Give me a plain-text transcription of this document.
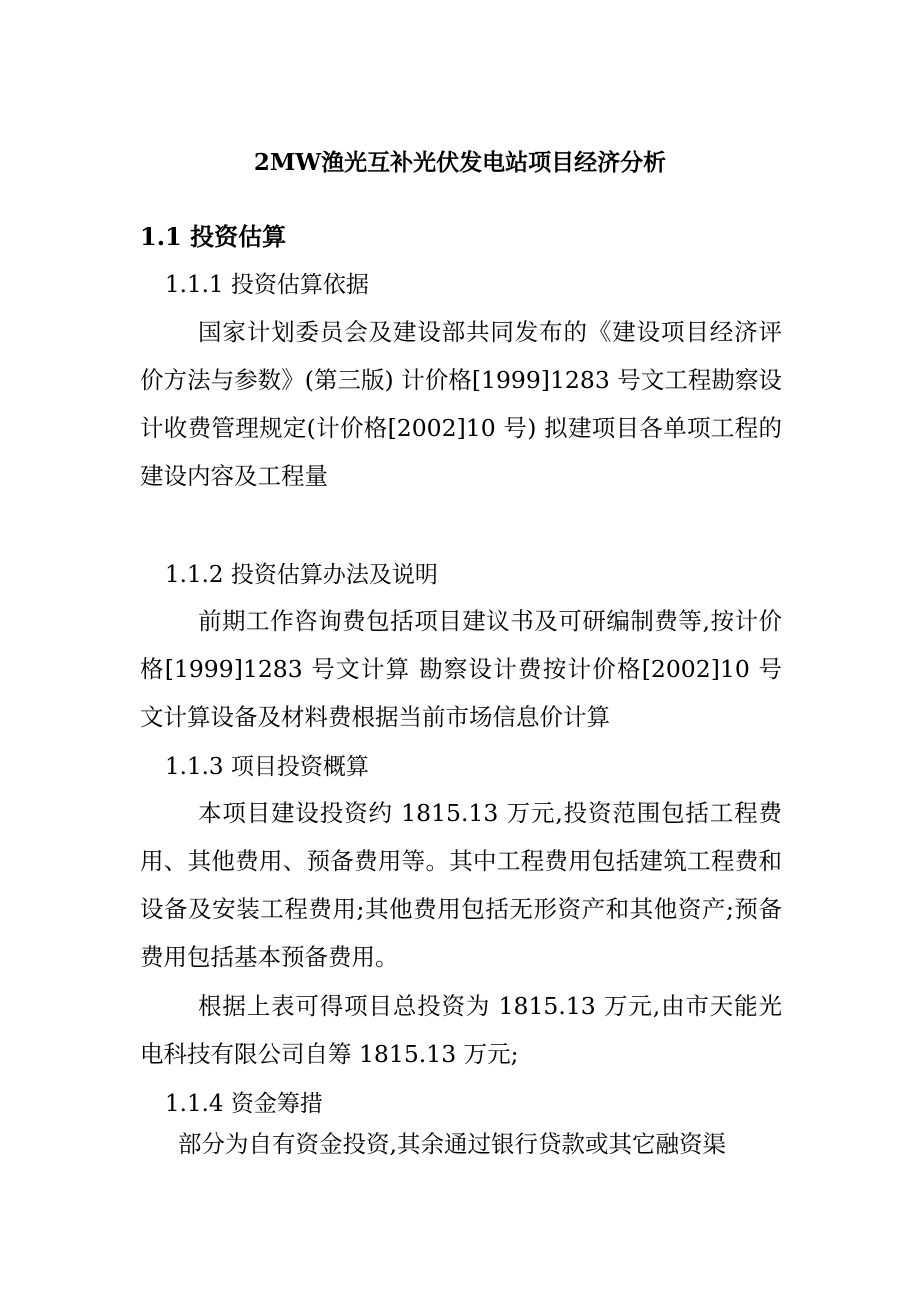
2MW渔光互补光伏发电站项目经济分析
1.1 投资估算
1.1.1 投资估算依据

国家计划委员会及建设部共同发布的《建设项目经济评价方法与参数》(第三版) 计价格[1999]1283 号文工程勘察设计收费管理规定(计价格[2002]10 号) 拟建项目各单项工程的建设内容及工程量

1.1.2 投资估算办法及说明

前期工作咨询费包括项目建议书及可研编制费等,按计价格[1999]1283 号文计算 勘察设计费按计价格[2002]10 号文计算设备及材料费根据当前市场信息价计算

1.1.3 项目投资概算

本项目建设投资约 1815.13 万元,投资范围包括工程费用、其他费用、预备费用等。其中工程费用包括建筑工程费和设备及安装工程费用;其他费用包括无形资产和其他资产;预备 费用包括基本预备费用。

根据上表可得项目总投资为 1815.13 万元,由市天能光电科技有限公司自筹 1815.13 万元;

1.1.4 资金筹措

部分为自有资金投资,其余通过银行贷款或其它融资渠
